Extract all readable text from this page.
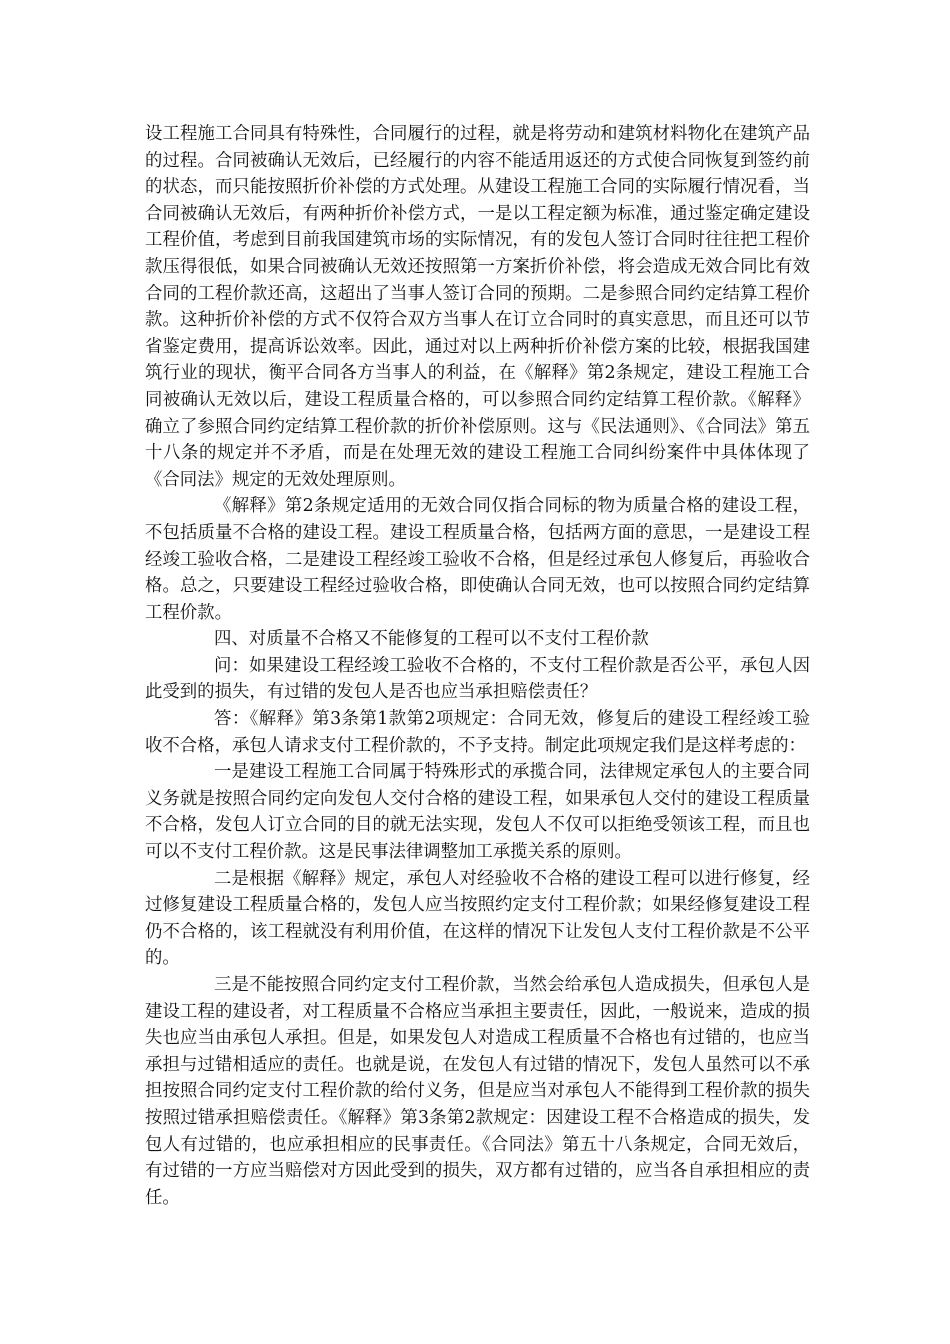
设工程施工合同具有特殊性，合同履行的过程，就是将劳动和建筑材料物化在建筑产品的过程。合同被确认无效后，已经履行的内容不能适用返还的方式使合同恢复到签约前的状态，而只能按照折价补偿的方式处理。从建设工程施工合同的实际履行情况看，当合同被确认无效后，有两种折价补偿方式，一是以工程定额为标准，通过鉴定确定建设工程价值，考虑到目前我国建筑市场的实际情况，有的发包人签订合同时往往把工程价款压得很低，如果合同被确认无效还按照第一方案折价补偿，将会造成无效合同比有效合同的工程价款还高，这超出了当事人签订合同的预期。二是参照合同约定结算工程价款。这种折价补偿的方式不仅符合双方当事人在订立合同时的真实意思，而且还可以节省鉴定费用，提高诉讼效率。因此，通过对以上两种折价补偿方案的比较，根据我国建筑行业的现状，衡平合同各方当事人的利益，在《解释》第2条规定，建设工程施工合同被确认无效以后，建设工程质量合格的，可以参照合同约定结算工程价款。《解释》确立了参照合同约定结算工程价款的折价补偿原则。这与《民法通则》、《合同法》第五十八条的规定并不矛盾，而是在处理无效的建设工程施工合同纠纷案件中具体体现了《合同法》规定的无效处理原则。

《解释》第2条规定适用的无效合同仅指合同标的物为质量合格的建设工程，不包括质量不合格的建设工程。建设工程质量合格，包括两方面的意思，一是建设工程经竣工验收合格，二是建设工程经竣工验收不合格，但是经过承包人修复后，再验收合格。总之，只要建设工程经过验收合格，即使确认合同无效，也可以按照合同约定结算工程价款。

四、对质量不合格又不能修复的工程可以不支付工程价款

问：如果建设工程经竣工验收不合格的，不支付工程价款是否公平，承包人因此受到的损失，有过错的发包人是否也应当承担赔偿责任？

答：《解释》第3条第1款第2项规定：合同无效，修复后的建设工程经竣工验收不合格，承包人请求支付工程价款的，不予支持。制定此项规定我们是这样考虑的：

一是建设工程施工合同属于特殊形式的承揽合同，法律规定承包人的主要合同义务就是按照合同约定向发包人交付合格的建设工程，如果承包人交付的建设工程质量不合格，发包人订立合同的目的就无法实现，发包人不仅可以拒绝受领该工程，而且也可以不支付工程价款。这是民事法律调整加工承揽关系的原则。

二是根据《解释》规定，承包人对经验收不合格的建设工程可以进行修复，经过修复建设工程质量合格的，发包人应当按照约定支付工程价款；如果经修复建设工程仍不合格的，该工程就没有利用价值，在这样的情况下让发包人支付工程价款是不公平的。

三是不能按照合同约定支付工程价款，当然会给承包人造成损失，但承包人是建设工程的建设者，对工程质量不合格应当承担主要责任，因此，一般说来，造成的损失也应当由承包人承担。但是，如果发包人对造成工程质量不合格也有过错的，也应当承担与过错相适应的责任。也就是说，在发包人有过错的情况下，发包人虽然可以不承担按照合同约定支付工程价款的给付义务，但是应当对承包人不能得到工程价款的损失按照过错承担赔偿责任。《解释》第3条第2款规定：因建设工程不合格造成的损失，发包人有过错的，也应承担相应的民事责任。《合同法》第五十八条规定，合同无效后，有过错的一方应当赔偿对方因此受到的损失，双方都有过错的，应当各自承担相应的责任。
